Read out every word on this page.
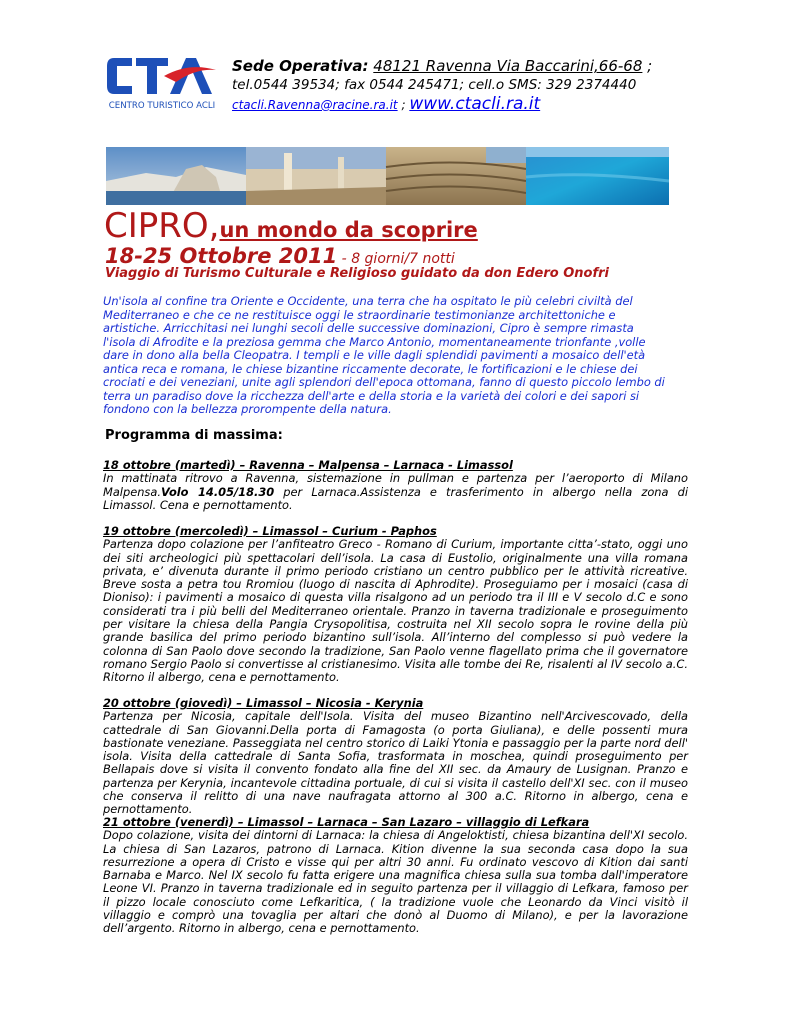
CENTRO TURISTICO ACLI
Sede Operativa: 48121 Ravenna Via Baccarini,66-68 ;
tel.0544 39534; fax 0544 245471; cell.o SMS: 329 2374440
ctacli.Ravenna@racine.ra.it ; www.ctacli.ra.it
CIPRO,un mondo da scoprire
18-25 Ottobre 2011 - 8 giorni/7 notti
Viaggio di Turismo Culturale e Religioso guidato da don Edero Onofri

Un'isola al confine tra Oriente e Occidente, una terra che ha ospitato le più celebri civiltà del Mediterraneo e che ce ne restituisce oggi le straordinarie testimonianze architettoniche e artistiche. Arricchitasi nei lunghi secoli delle successive dominazioni, Cipro è sempre rimasta l'isola di Afrodite e la preziosa gemma che Marco Antonio, momentaneamente trionfante ,volle dare in dono alla bella Cleopatra. I templi e le ville dagli splendidi pavimenti a mosaico dell'età antica reca e romana, le chiese bizantine riccamente decorate, le fortificazioni e le chiese dei crociati e dei veneziani, unite agli splendori dell'epoca ottomana, fanno di questo piccolo lembo di terra un paradiso dove la ricchezza dell'arte e della storia e la varietà dei colori e dei sapori si fondono con la bellezza prorompente della natura.

Programma di massima:
18 ottobre (martedì) – Ravenna – Malpensa – Larnaca - Limassol

In mattinata ritrovo a Ravenna, sistemazione in pullman e partenza per l’aeroporto di Milano Malpensa.Volo 14.05/18.30 per Larnaca.Assistenza e trasferimento in albergo nella zona di Limassol. Cena e pernottamento.

19 ottobre (mercoledì) – Limassol – Curium - Paphos

Partenza dopo colazione per l’anfiteatro Greco - Romano di Curium, importante citta’-stato, oggi uno dei siti archeologici più spettacolari dell’isola. La casa di Eustolio, originalmente una villa romana privata, e’ divenuta durante il primo periodo cristiano un centro pubblico per le attività ricreative. Breve sosta a petra tou Rromiou (luogo di nascita di Aphrodite). Proseguiamo per i mosaici (casa di Dioniso): i pavimenti a mosaico di questa villa risalgono ad un periodo tra il III e V secolo d.C e sono considerati tra i più belli del Mediterraneo orientale. Pranzo in taverna tradizionale e proseguimento per visitare la chiesa della Pangia Crysopolitisa, costruita nel XII secolo sopra le rovine della più grande basilica del primo periodo bizantino sull’isola. All’interno del complesso si può vedere la colonna di San Paolo dove secondo la tradizione, San Paolo venne flagellato prima che il governatore romano Sergio Paolo si convertisse al cristianesimo. Visita alle tombe dei Re, risalenti al IV secolo a.C. Ritorno il albergo, cena e pernottamento.

20 ottobre (giovedì) – Limassol – Nicosia - Kerynia

Partenza per Nicosia, capitale dell'Isola. Visita del museo Bizantino nell'Arcivescovado, della cattedrale di San Giovanni.Della porta di Famagosta (o porta Giuliana), e delle possenti mura bastionate veneziane. Passeggiata nel centro storico di Laiki Ytonia e passaggio per la parte nord dell' isola. Visita della cattedrale di Santa Sofia, trasformata in moschea, quindi proseguimento per Bellapais dove si visita il convento fondato alla fine del XII sec. da Amaury de Lusignan. Pranzo e partenza per Kerynia, incantevole cittadina portuale, di cui si visita il castello dell'XI sec. con il museo che conserva il relitto di una nave naufragata attorno al 300 a.C. Ritorno in albergo, cena e pernottamento.

21 ottobre (venerdì) – Limassol – Larnaca – San Lazaro – villaggio di Lefkara

Dopo colazione, visita dei dintorni di Larnaca: la chiesa di Angeloktisti, chiesa bizantina dell'XI secolo. La chiesa di San Lazaros, patrono di Larnaca. Kition divenne la sua seconda casa dopo la sua resurrezione a opera di Cristo e visse qui per altri 30 anni. Fu ordinato vescovo di Kition dai santi Barnaba e Marco. Nel IX secolo fu fatta erigere una magnifica chiesa sulla sua tomba dall'imperatore Leone VI. Pranzo in taverna tradizionale ed in seguito partenza per il villaggio di Lefkara, famoso per il pizzo locale conosciuto come Lefkaritica, ( la tradizione vuole che Leonardo da Vinci visitò il villaggio e comprò una tovaglia per altari che donò al Duomo di Milano), e per la lavorazione dell’argento. Ritorno in albergo, cena e pernottamento.
